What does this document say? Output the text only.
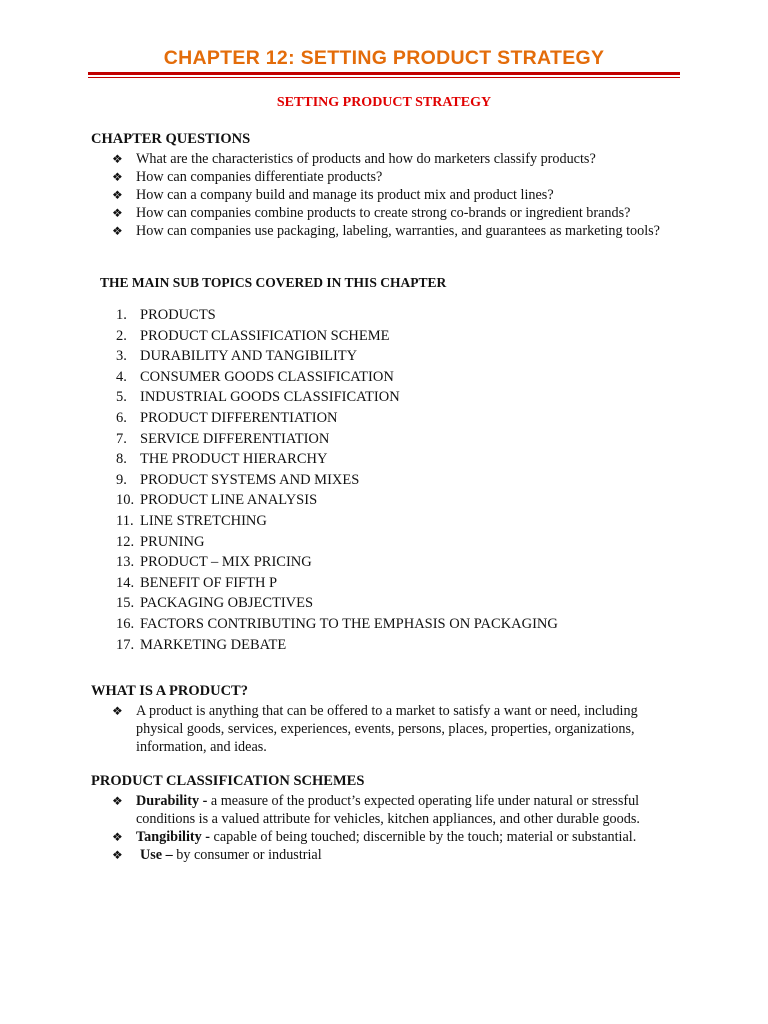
CHAPTER 12: SETTING PRODUCT STRATEGY
SETTING PRODUCT STRATEGY
CHAPTER QUESTIONS
❖ What are the characteristics of products and how do marketers classify products?
❖ How can companies differentiate products?
❖ How can a company build and manage its product mix and product lines?
❖ How can companies combine products to create strong co-brands or ingredient brands?
❖ How can companies use packaging, labeling, warranties, and guarantees as marketing tools?
THE MAIN SUB TOPICS COVERED IN THIS CHAPTER
1. PRODUCTS
2. PRODUCT CLASSIFICATION SCHEME
3. DURABILITY AND TANGIBILITY
4. CONSUMER GOODS CLASSIFICATION
5. INDUSTRIAL GOODS CLASSIFICATION
6. PRODUCT DIFFERENTIATION
7. SERVICE DIFFERENTIATION
8. THE PRODUCT HIERARCHY
9. PRODUCT SYSTEMS AND MIXES
10. PRODUCT LINE ANALYSIS
11. LINE STRETCHING
12. PRUNING
13. PRODUCT – MIX PRICING
14. BENEFIT OF FIFTH P
15. PACKAGING OBJECTIVES
16. FACTORS CONTRIBUTING TO THE EMPHASIS ON PACKAGING
17. MARKETING DEBATE
WHAT IS A PRODUCT?
❖ A product is anything that can be offered to a market to satisfy a want or need, including physical goods, services, experiences, events, persons, places, properties, organizations, information, and ideas.
PRODUCT CLASSIFICATION SCHEMES
❖ Durability - a measure of the product’s expected operating life under natural or stressful conditions is a valued attribute for vehicles, kitchen appliances, and other durable goods.
❖ Tangibility - capable of being touched; discernible by the touch; material or substantial.
❖ Use – by consumer or industrial
